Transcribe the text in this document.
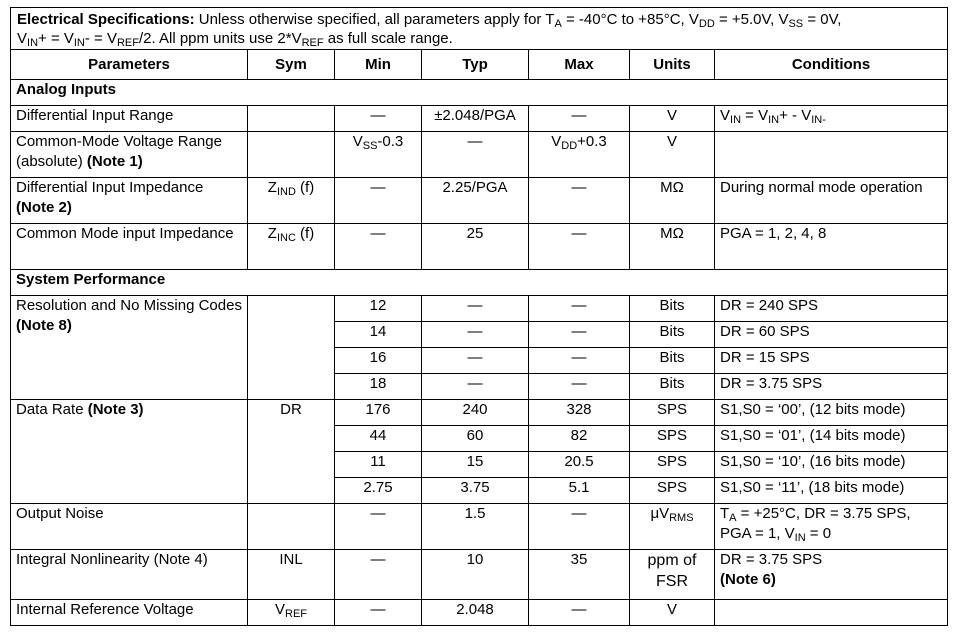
Electrical Specifications: Unless otherwise specified, all parameters apply for $T_A = -40^\circ C$ to +85°C, $V_{DD} = +5.0V$, $V_{SS} = 0V$,
$V_{IN}+ = V_{IN}- = V_{REF}/2$. All ppm units use $2*V_{REF}$ as full scale range.						
Parameters	Sym	Min	Typ	Max	Units	Conditions
Analog Inputs						
Differential Input Range		—	±2.048/PGA	—	V	$V_{IN} = V_{IN}+ - V_{IN-}$
Common-Mode Voltage Range (absolute) (Note 1)		$V_{SS}-0.3$	—	$V_{DD}+0.3$	V	
Differential Input Impedance
(Note 2)	$Z_{IND}$ (f)	—	2.25/PGA	—	MΩ	During normal mode operation
Common Mode input Impedance	$Z_{INC}$ (f)	—	25	—	MΩ	PGA = 1, 2, 4, 8
System Performance						
Resolution and No Missing Codes (Note 8)		12	—	—	Bits	DR = 240 SPS
		14	—	—	Bits	DR = 60 SPS
		16	—	—	Bits	DR = 15 SPS
		18	—	—	Bits	DR = 3.75 SPS
Data Rate (Note 3)	DR	176	240	328	SPS	S1,S0 = ‘00’, (12 bits mode)
		44	60	82	SPS	S1,S0 = ‘01’, (14 bits mode)
		11	15	20.5	SPS	S1,S0 = ‘10’, (16 bits mode)
		2.75	3.75	5.1	SPS	S1,S0 = ‘11’, (18 bits mode)
Output Noise		—	1.5	—	$\mu V_{RMS}$	$T_A = +25^\circ C$, DR = 3.75 SPS,
PGA = 1, $V_{IN} = 0$
Integral Nonlinearity (Note 4)	INL	—	10	35	ppm of FSR	DR = 3.75 SPS
(Note 6)
Internal Reference Voltage	$V_{REF}$	—	2.048	—	V	
